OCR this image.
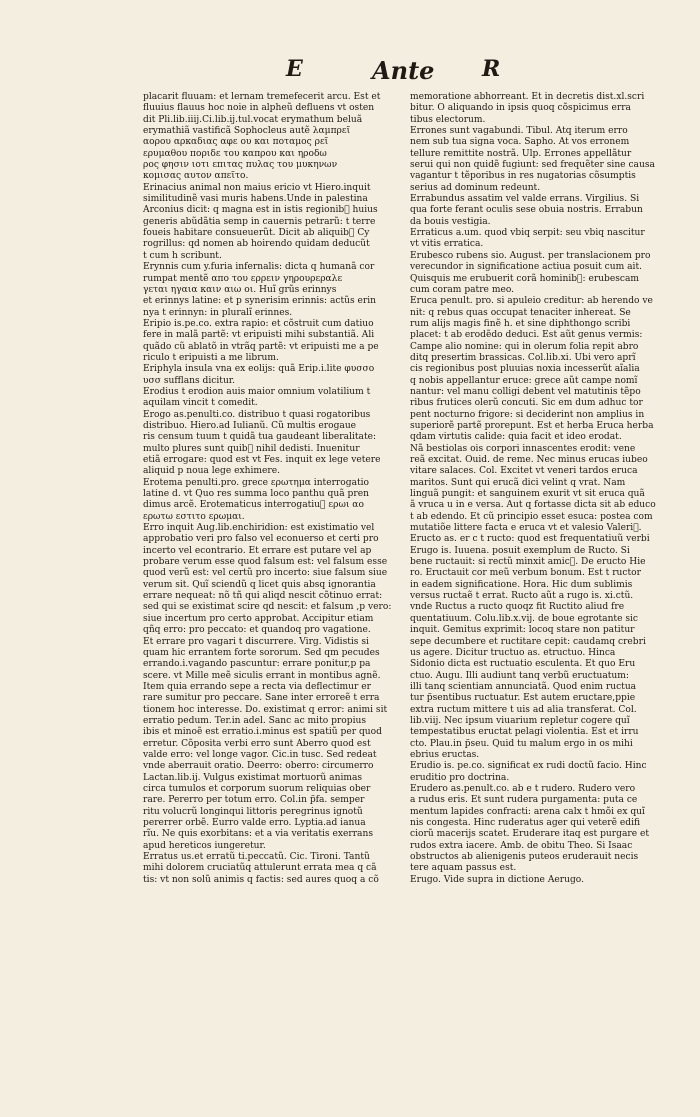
E	Ante R
placarit fluuam: et lernam tremefecerit arcu. Est et
fluuius flauus hoc noie in alpheũ defluens vt osten
dit Pli.lib.iiij.Ci.lib.ij.tul.vocat erymathum beluã
erymathiã vastificã Sophocleus autẽ λαμπρεῖ
αορου αρκαδιας αφε ου και ποταμος ρεῖ
ερυμαθου ποριδε του καπρου και ηροδω
ρος φησιν ιοτι επιτας πυλας του μυκηνων
κομισας αυτον απεῖτο.
Erinacius animal non maius ericio vt Hiero.inquit
similitudinẽ vasi muris habens.Unde in palestina
Arconius dicit: q magna est in istis regionib᷒ huius
generis abũdãtia semp in cauernis petrarũ: t terre
foueis habitare consueuerũt. Dicit ab aliquib᷒ Cy
rogrillus: qd nomen ab hoirendo quidam deducũt
t cum h scribunt.
Erynnis cum y.furia infernalis: dicta q humanã cor
rumpat mentẽ απο του ερρειν γηρουρεραλε
γεται ηγαια καιν αιω οι. Huĩ grũs erinnys
et erinnys latine: et p synerisim erinnis: actũs erin
nya t erinnyn: in pluralĩ erinnes.
Eripio is.pe.co. extra rapio: et cõstruit cum datiuo
fere in malã partẽ: vt eripuisti mihi substantiã. Ali
quãdo cũ ablatõ in vtrãq partẽ: vt eripuisti me a pe
riculo t eripuisti a me librum.
Eriphyla insula vna ex eolijs: quã Erip.i.lite φυσσο
υσσ sufflans dicitur.
Erodius t erodion auis maior omnium volatilium t
aquilam vincit t comedit.
Erogo as.penulti.co. distribuo t quasi rogatoribus
distribuo. Hiero.ad Iulianũ. Cũ multis erogaue
ris censum tuum t quidã tua gaudeant liberalitate:
multo plures sunt quib᷒ nihil dedisti. Inuenitur
etiã errogare: quod est vt Fes. inquit ex lege vetere
aliquid p noua lege exhimere.
Erotema penulti.pro. grece ερωτημα interrogatio
latine d. vt Quo res summa loco panthu quã pren
dimus arcẽ. Erotematicus interrogatiu᷒ ερωι αο
ερωτω εστιτο ερωμαι.
Erro inquit Aug.lib.enchiridion: est existimatio vel
approbatio veri pro falso vel econuerso et certi pro
incerto vel econtrario. Et errare est putare vel ap
probare verum esse quod falsum est: vel falsum esse
quod verũ est: vel certũ pro incerto: siue falsum siue
verum sit. Quĩ sciendũ q licet quis absq ignorantia
errare nequeat: nõ tñ qui aliqd nescit cõtinuo errat:
sed qui se existimat scire qd nescit: et falsum ,p vero:
siue incertum pro certo approbat. Accipitur etiam
qñq erro: pro peccato: et quandoq pro vagatione.
Et errare pro vagari t discurrere. Virg. Vidistis si
quam hic errantem forte sororum. Sed qm pecudes
errando.i.vagando pascuntur: errare ponitur,p pa
scere. vt Mille meẽ siculis errant in montibus agnẽ.
Item quia errando sepe a recta via deflectimur er
rare sumitur pro peccare. Sane inter erroreẽ t erra
tionem hoc interesse. Do. existimat q error: animi sit
erratio pedum. Ter.in adel. Sanc ac mito propius
ibis et minoẽ est erratio.i.minus est spatiũ per quod
erretur. Cõposita verbi erro sunt Aberro quod est
valde erro: vel longe vagor. Cic.in tusc. Sed redeat
vnde aberrauit oratio. Deerro: oberro: circumerro
Lactan.lib.ij. Vulgus existimat mortuorũ animas
circa tumulos et corporum suorum reliquias ober
rare. Pererro per totum erro. Col.in p̃fa. semper
ritu volucrũ longinqui littoris peregrinus ignotũ
pererrer orbẽ. Eurro valde erro. Lyptia.ad ianua
rĩu. Ne quis exorbitans: et a via veritatis exerrans
apud hereticos iungeretur.
Erratus us.et erratũ ti.peccatũ. Cic. Tironi. Tantũ
mihi dolorem cruciatũq attulerunt errata mea q cã
tis: vt non solũ animis q factis: sed aures quoq a cõ
memoratione abhorreant. Et in decretis dist.xl.scri
bitur. O aliquando in ipsis quoq cõspicimus erra
tibus electorum.
Errones sunt vagabundi. Tibul. Atq iterum erro
nem sub tua signa voca. Sapho. At vos erronem
tellure remittite nostrã. Ulp. Errones appellãtur
serui qui non quidẽ fugiunt: sed frequẽter sine causa
vagantur t tẽporibus in res nugatorias cõsumptis
serius ad dominum redeunt.
Errabundus assatim vel valde errans. Virgilius. Si
qua forte ferant oculis sese obuia nostris. Errabun
da bouis vestigia.
Erraticus a.um. quod vbiq serpit: seu vbiq nascitur
vt vitis erratica.
Erubesco rubens sio. August. per translacionem pro
verecundor in significatione actiua posuit cum ait.
Quisquis me erubuerit corã hominib᷒: erubescam
cum coram patre meo.
Eruca penult. pro. si apuleio creditur: ab herendo ve
nit: q rebus quas occupat tenaciter inhereat. Se
rum alijs magis finẽ h. et sine diphthongo scribi
placet: t ab erodẽdo deduci. Est aũt genus vermis:
Campe alio nomine: qui in olerum folia repit abro
ditq presertim brassicas. Col.lib.xi. Ubi vero aprĩ
cis regionibus post pluuias noxia incesserũt aĩalia
q nobis appellantur eruce: grece aũt campe nomĩ
nantur: vel manu colligi debent vel matutinis tẽpo
ribus frutices olerũ concuti. Sic em dum adhuc tor
pent nocturno frigore: si deciderint non amplius in
superiorẽ partẽ prorepunt. Est et herba Eruca herba
qdam virtutis calide: quia facit et ideo erodat.
Nã bestiolas ois corpori innascentes erodit: vene
reã excitat. Ouid. de reme. Nec minus erucas iubeo
vitare salaces. Col. Excitet vt veneri tardos eruca
maritos. Sunt qui erucã dici velint q vrat. Nam
linguã pungit: et sanguinem exurit vt sit eruca quã
ã vruca u in e versa. Aut q fortasse dicta sit ab educo
t ab edendo. Et cũ principio esset esuca: postea com
mutatiõe littere facta e eruca vt et valesio Valeri᷒.
Eructo as. er c t ructo: quod est frequentatiuũ verbi
Erugo is. Iuuena. posuit exemplum de Ructo. Si
bene ructauit: si rectũ minxit amic᷒. De eructo Hie
ro. Eructauit cor meũ verbum bonum. Est t ructor
in eadem significatione. Hora. Hic dum sublimis
versus ructaẽ t errat. Ructo aũt a rugo is. xi.ctũ.
vnde Ructus a ructo quoqz fit Ructito aliud fre
quentatiuum. Colu.lib.x.vij. de boue egrotante sic
inquit. Gemitus exprimit: locoq stare non patitur
sepe decumbere et ructitare cepit: caudamq crebri
us agere. Dicitur tructuo as. etructuo. Hinca
Sidonio dicta est ructuatio esculenta. Et quo Eru
ctuo. Augu. Illi audiunt tanq verbũ eructuatum:
illi tanq scientiam annunciatã. Quod enim ructua
tur p̃sentibus ructuatur. Est autem eructare,ppie
extra ructum mittere t uis ad alia transferat. Col.
lib.viij. Nec ipsum viuarium repletur cogere quĩ
tempestatibus eructat pelagi violentia. Est et irru
cto. Plau.in p̃seu. Quid tu malum ergo in os mihi
ebrius eructas.
Erudio is. pe.co. significat ex rudi doctũ facio. Hinc
eruditio pro doctrina.
Erudero as.penult.co. ab e t rudero. Rudero vero
a rudus eris. Et sunt rudera purgamenta: puta ce
mentum lapides confracti: arena calx t hmõi ex quĩ
nis congesta. Hinc ruderatus ager qui veterẽ edifi
ciorũ macerijs scatet. Eruderare itaq est purgare et
rudos extra iacere. Amb. de obitu Theo. Si Isaac
obstructos ab alienigenis puteos eruderauit necis
tere aquam passus est.
Erugo. Vide supra in dictione Aerugo.
